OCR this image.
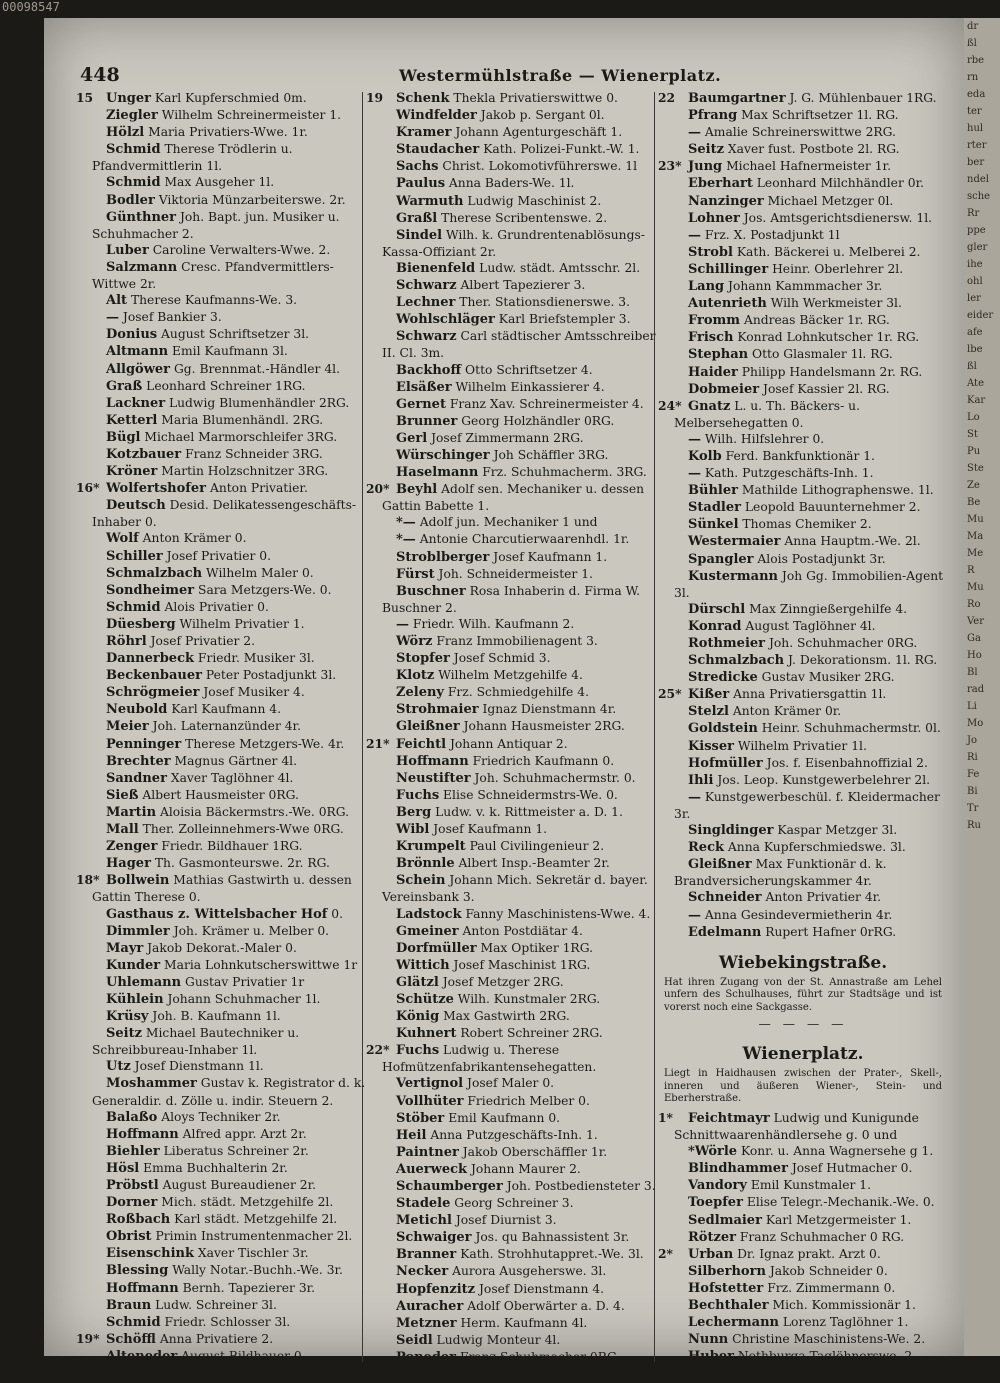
00098547
448	Westermühlstraße — Wienerplatz.

15 Unger Karl Kupferschmied 0m.

Ziegler Wilhelm Schreinermeister 1.

Hölzl Maria Privatiers-Wwe. 1r.

Schmid Therese Trödlerin u. Pfandvermittlerin 1l.

Schmid Max Ausgeher 1l.

Bodler Viktoria Münzarbeiterswe. 2r.

Günthner Joh. Bapt. jun. Musiker u. Schuhmacher 2.

Luber Caroline Verwalters-Wwe. 2.

Salzmann Cresc. Pfandvermittlers-Wittwe 2r.

Alt Therese Kaufmanns-We. 3.

— Josef Bankier 3.

Donius August Schriftsetzer 3l.

Altmann Emil Kaufmann 3l.

Allgöwer Gg. Brennmat.-Händler 4l.

Graß Leonhard Schreiner 1RG.

Lackner Ludwig Blumenhändler 2RG.

Ketterl Maria Blumenhändl. 2RG.

Bügl Michael Marmorschleifer 3RG.

Kotzbauer Franz Schneider 3RG.

Kröner Martin Holzschnitzer 3RG.

16* Wolfertshofer Anton Privatier.

Deutsch Desid. Delikatessengeschäfts-Inhaber 0.

Wolf Anton Krämer 0.

Schiller Josef Privatier 0.

Schmalzbach Wilhelm Maler 0.

Sondheimer Sara Metzgers-We. 0.

Schmid Alois Privatier 0.

Düesberg Wilhelm Privatier 1.

Röhrl Josef Privatier 2.

Dannerbeck Friedr. Musiker 3l.

Beckenbauer Peter Postadjunkt 3l.

Schrögmeier Josef Musiker 4.

Neubold Karl Kaufmann 4.

Meier Joh. Laternanzünder 4r.

Penninger Therese Metzgers-We. 4r.

Brechter Magnus Gärtner 4l.

Sandner Xaver Taglöhner 4l.

Sieß Albert Hausmeister 0RG.

Martin Aloisia Bäckermstrs.-We. 0RG.

Mall Ther. Zolleinnehmers-Wwe 0RG.

Zenger Friedr. Bildhauer 1RG.

Hager Th. Gasmonteurswe. 2r. RG.

18* Bollwein Mathias Gastwirth u. dessen Gattin Therese 0.

Gasthaus z. Wittelsbacher Hof 0.

Dimmler Joh. Krämer u. Melber 0.

Mayr Jakob Dekorat.-Maler 0.

Kunder Maria Lohnkutscherswittwe 1r

Uhlemann Gustav Privatier 1r

Kühlein Johann Schuhmacher 1l.

Krüsy Joh. B. Kaufmann 1l.

Seitz Michael Bautechniker u. Schreibbureau-Inhaber 1l.

Utz Josef Dienstmann 1l.

Moshammer Gustav k. Registrator d. k. Generaldir. d. Zölle u. indir. Steuern 2.

Balaßo Aloys Techniker 2r.

Hoffmann Alfred appr. Arzt 2r.

Biehler Liberatus Schreiner 2r.

Hösl Emma Buchhalterin 2r.

Pröbstl August Bureaudiener 2r.

Dorner Mich. städt. Metzgehilfe 2l.

Roßbach Karl städt. Metzgehilfe 2l.

Obrist Primin Instrumentenmacher 2l.

Eisenschink Xaver Tischler 3r.

Blessing Wally Notar.-Buchh.-We. 3r.

Hoffmann Bernh. Tapezierer 3r.

Braun Ludw. Schreiner 3l.

Schmid Friedr. Schlosser 3l.

19* Schöffl Anna Privatiere 2.

Alteneder August Bildhauer 0.

Christian Christian Krämer 0.

19 Schenk Thekla Privatierswittwe 0.

Windfelder Jakob p. Sergant 0l.

Kramer Johann Agenturgeschäft 1.

Staudacher Kath. Polizei-Funkt.-W. 1.

Sachs Christ. Lokomotivführerswe. 1l

Paulus Anna Baders-We. 1l.

Warmuth Ludwig Maschinist 2.

Graßl Therese Scribentenswe. 2.

Sindel Wilh. k. Grundrentenablösungs-Kassa-Offiziant 2r.

Bienenfeld Ludw. städt. Amtsschr. 2l.

Schwarz Albert Tapezierer 3.

Lechner Ther. Stationsdienerswe. 3.

Wohlschläger Karl Briefstempler 3.

Schwarz Carl städtischer Amtsschreiber II. Cl. 3m.

Backhoff Otto Schriftsetzer 4.

Elsäßer Wilhelm Einkassierer 4.

Gernet Franz Xav. Schreinermeister 4.

Brunner Georg Holzhändler 0RG.

Gerl Josef Zimmermann 2RG.

Würschinger Joh Schäffler 3RG.

Haselmann Frz. Schuhmacherm. 3RG.

20* Beyhl Adolf sen. Mechaniker u. dessen Gattin Babette 1.

*— Adolf jun. Mechaniker 1 und

*— Antonie Charcutierwaarenhdl. 1r.

Stroblberger Josef Kaufmann 1.

Fürst Joh. Schneidermeister 1.

Buschner Rosa Inhaberin d. Firma W. Buschner 2.

— Friedr. Wilh. Kaufmann 2.

Wörz Franz Immobilienagent 3.

Stopfer Josef Schmid 3.

Klotz Wilhelm Metzgehilfe 4.

Zeleny Frz. Schmiedgehilfe 4.

Strohmaier Ignaz Dienstmann 4r.

Gleißner Johann Hausmeister 2RG.

21* Feichtl Johann Antiquar 2.

Hoffmann Friedrich Kaufmann 0.

Neustifter Joh. Schuhmachermstr. 0.

Fuchs Elise Schneidermstrs-We. 0.

Berg Ludw. v. k. Rittmeister a. D. 1.

Wibl Josef Kaufmann 1.

Krumpelt Paul Civilingenieur 2.

Brönnle Albert Insp.-Beamter 2r.

Schein Johann Mich. Sekretär d. bayer. Vereinsbank 3.

Ladstock Fanny Maschinistens-Wwe. 4.

Gmeiner Anton Postdiätar 4.

Dorfmüller Max Optiker 1RG.

Wittich Josef Maschinist 1RG.

Glätzl Josef Metzger 2RG.

Schütze Wilh. Kunstmaler 2RG.

König Max Gastwirth 2RG.

Kuhnert Robert Schreiner 2RG.

22* Fuchs Ludwig u. Therese Hofmützenfabrikantensehegatten.

Vertignol Josef Maler 0.

Vollhüter Friedrich Melber 0.

Stöber Emil Kaufmann 0.

Heil Anna Putzgeschäfts-Inh. 1.

Paintner Jakob Oberschäffler 1r.

Auerweck Johann Maurer 2.

Schaumberger Joh. Postbediensteter 3.

Stadele Georg Schreiner 3.

Metichl Josef Diurnist 3.

Schwaiger Jos. qu Bahnassistent 3r.

Branner Kath. Strohhutappret.-We. 3l.

Necker Aurora Ausgeherswe. 3l.

Hopfenzitz Josef Dienstmann 4.

Auracher Adolf Oberwärter a. D. 4.

Metzner Herm. Kaufmann 4l.

Seidl Ludwig Monteur 4l.

Poneder Franz Schuhmacher 0RG.

Angerhuber Karl Gärtner 1RG.

22 Baumgartner J. G. Mühlenbauer 1RG.

Pfrang Max Schriftsetzer 1l. RG.

— Amalie Schreinerswittwe 2RG.

Seitz Xaver fust. Postbote 2l. RG.

23* Jung Michael Hafnermeister 1r.

Eberhart Leonhard Milchhändler 0r.

Nanzinger Michael Metzger 0l.

Lohner Jos. Amtsgerichtsdienersw. 1l.

— Frz. X. Postadjunkt 1l

Strobl Kath. Bäckerei u. Melberei 2.

Schillinger Heinr. Oberlehrer 2l.

Lang Johann Kammmacher 3r.

Autenrieth Wilh Werkmeister 3l.

Fromm Andreas Bäcker 1r. RG.

Frisch Konrad Lohnkutscher 1r. RG.

Stephan Otto Glasmaler 1l. RG.

Haider Philipp Handelsmann 2r. RG.

Dobmeier Josef Kassier 2l. RG.

24* Gnatz L. u. Th. Bäckers- u. Melbersehegatten 0.

— Wilh. Hilfslehrer 0.

Kolb Ferd. Bankfunktionär 1.

— Kath. Putzgeschäfts-Inh. 1.

Bühler Mathilde Lithographenswe. 1l.

Stadler Leopold Bauunternehmer 2.

Sünkel Thomas Chemiker 2.

Westermaier Anna Hauptm.-We. 2l.

Spangler Alois Postadjunkt 3r.

Kustermann Joh Gg. Immobilien-Agent 3l.

Dürschl Max Zinngießergehilfe 4.

Konrad August Taglöhner 4l.

Rothmeier Joh. Schuhmacher 0RG.

Schmalzbach J. Dekorationsm. 1l. RG.

Stredicke Gustav Musiker 2RG.

25* Kißer Anna Privatiersgattin 1l.

Stelzl Anton Krämer 0r.

Goldstein Heinr. Schuhmachermstr. 0l.

Kisser Wilhelm Privatier 1l.

Hofmüller Jos. f. Eisenbahnoffizial 2.

Ihli Jos. Leop. Kunstgewerbelehrer 2l.

— Kunstgewerbeschül. f. Kleidermacher 3r.

Singldinger Kaspar Metzger 3l.

Reck Anna Kupferschmiedswe. 3l.

Gleißner Max Funktionär d. k. Brandversicherungskammer 4r.

Schneider Anton Privatier 4r.

— Anna Gesindevermietherin 4r.

Edelmann Rupert Hafner 0rRG.

Wiebekingstraße.
Hat ihren Zugang von der St. Annastraße am Lehel unfern des Schulhauses, führt zur Stadtsäge und ist vorerst noch eine Sackgasse.
— — — —
Wienerplatz.
Liegt in Haidhausen zwischen der Prater-, Skell-, inneren und äußeren Wiener-, Stein- und Eberherstraße.

1* Feichtmayr Ludwig und Kunigunde Schnittwaarenhändlersehe g. 0 und

*Wörle Konr. u. Anna Wagnersehe g 1.

Blindhammer Josef Hutmacher 0.

Vandory Emil Kunstmaler 1.

Toepfer Elise Telegr.-Mechanik.-We. 0.

Sedlmaier Karl Metzgermeister 1.

Rötzer Franz Schuhmacher 0 RG.

2* Urban Dr. Ignaz prakt. Arzt 0.

Silberhorn Jakob Schneider 0.

Hofstetter Frz. Zimmermann 0.

Bechthaler Mich. Kommissionär 1.

Lechermann Lorenz Taglöhner 1.

Nunn Christine Maschinistens-We. 2.

Huber Nothburga Taglöhnerswe. 2.

Groß Johanna Schuhmacherswe. 2.

dr
ßl
rbe
rn
eda
ter
hul
rter
ber
ndel
sche
Rr
ppe
gler
ihe
ohl
ler
eider
afe
lbe
ßl
Ate
Kar
Lo
St
Pu
Ste
Ze
Be
Mu
Ma
Me
R
Mu
Ro
Ver
Ga
Ho
Bl
rad
Li
Mo
Jo
Ri
Fe
Bi
Tr
Ru
